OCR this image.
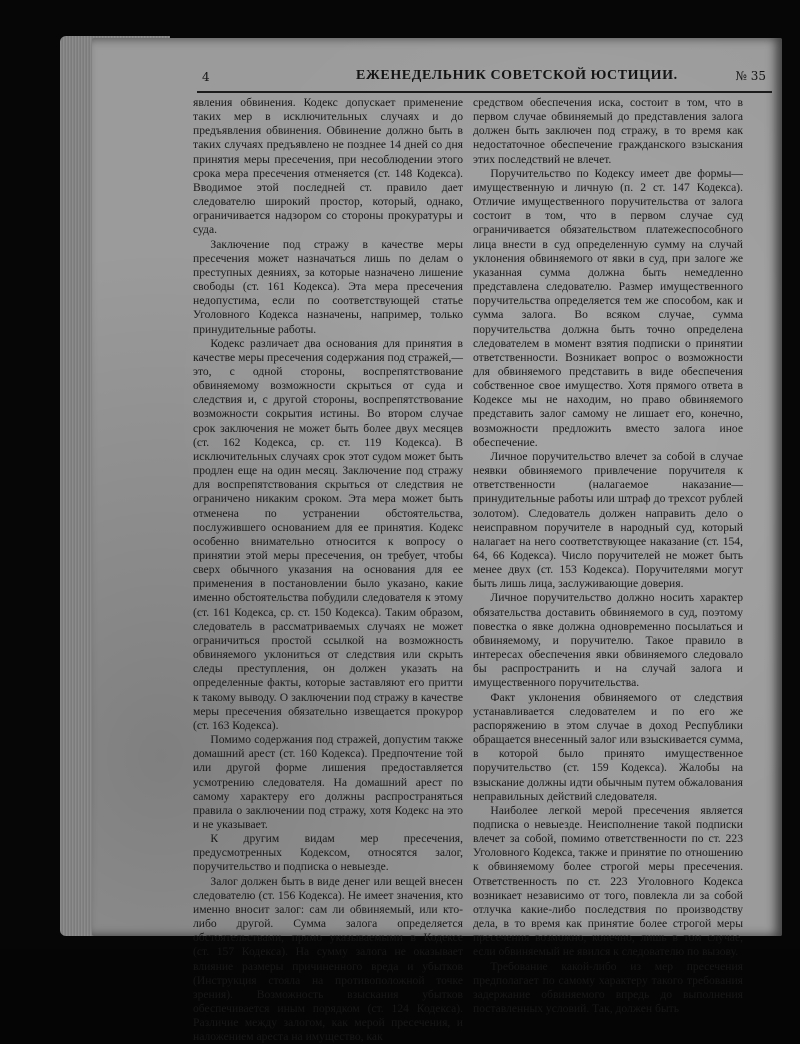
4	ЕЖЕНЕДЕЛЬНИК СОВЕТСКОЙ ЮСТИЦИИ.	№ 35

явления обвинения. Кодекс допускает применение таких мер в исключительных случаях и до предъявления обвинения. Обвинение должно быть в таких случаях предъявлено не позднее 14 дней со дня принятия меры пресечения, при несоблюдении этого срока мера пресечения отменяется (ст. 148 Кодекса). Вводимое этой последней ст. правило дает следователю широкий простор, который, однако, ограничивается надзором со стороны прокуратуры и суда.

Заключение под стражу в качестве меры пресечения может назначаться лишь по делам о преступных деяниях, за которые назначено лишение свободы (ст. 161 Кодекса). Эта мера пресечения недопустима, если по соответствующей статье Уголовного Кодекса назначены, например, только принудительные работы.

Кодекс различает два основания для принятия в качестве меры пресечения содержания под стражей,—это, с одной стороны, воспрепятствование обвиняемому возможности скрыться от суда и следствия и, с другой стороны, воспрепятствование возможности сокрытия истины. Во втором случае срок заключения не может быть более двух месяцев (ст. 162 Кодекса, ср. ст. 119 Кодекса). В исключительных случаях срок этот судом может быть продлен еще на один месяц. Заключение под стражу для воспрепятствования скрыться от следствия не ограничено никаким сроком. Эта мера может быть отменена по устранении обстоятельства, послужившего основанием для ее принятия. Кодекс особенно внимательно относится к вопросу о принятии этой меры пресечения, он требует, чтобы сверх обычного указания на основания для ее применения в постановлении было указано, какие именно обстоятельства побудили следователя к этому (ст. 161 Кодекса, ср. ст. 150 Кодекса). Таким образом, следователь в рассматриваемых случаях не может ограничиться простой ссылкой на возможность обвиняемого уклониться от следствия или скрыть следы преступления, он должен указать на определенные факты, которые заставляют его притти к такому выводу. О заключении под стражу в качестве меры пресечения обязательно извещается прокурор (ст. 163 Кодекса).

Помимо содержания под стражей, допустим также домашний арест (ст. 160 Кодекса). Предпочтение той или другой форме лишения предоставляется усмотрению следователя. На домашний арест по самому характеру его должны распространяться правила о заключении под стражу, хотя Кодекс на это и не указывает.

К другим видам мер пресечения, предусмотренных Кодексом, относятся залог, поручительство и подписка о невыезде.

Залог должен быть в виде денег или вещей внесен следователю (ст. 156 Кодекса). Не имеет значения, кто именно вносит залог: сам ли обвиняемый, или кто-либо другой. Сумма залога определяется обстоятельствами, прямо указываемыми в Кодексе (ст. 157 Кодекса). На сумму залога не оказывает влияние размеры причиненного вреда и убытков (Инструкция стояла на противоположной точке зрения). Возможность взыскания убытков обеспечивается иным порядком (ст. 124 Кодекса). Различие между залогом, как мерой пресечения, и наложением ареста на имущество, как

средством обеспечения иска, состоит в том, что в первом случае обвиняемый до представления залога должен быть заключен под стражу, в то время как недостаточное обеспечение гражданского взыскания этих последствий не влечет.

Поручительство по Кодексу имеет две формы—имущественную и личную (п. 2 ст. 147 Кодекса). Отличие имущественного поручительства от залога состоит в том, что в первом случае суд ограничивается обязательством платежеспособного лица внести в суд определенную сумму на случай уклонения обвиняемого от явки в суд, при залоге же указанная сумма должна быть немедленно представлена следователю. Размер имущественного поручительства определяется тем же способом, как и сумма залога. Во всяком случае, сумма поручительства должна быть точно определена следователем в момент взятия подписки о принятии ответственности. Возникает вопрос о возможности для обвиняемого представить в виде обеспечения собственное свое имущество. Хотя прямого ответа в Кодексе мы не находим, но право обвиняемого представить залог самому не лишает его, конечно, возможности предложить вместо залога иное обеспечение.

Личное поручительство влечет за собой в случае неявки обвиняемого привлечение поручителя к ответственности (налагаемое наказание—принудительные работы или штраф до трехсот рублей золотом). Следователь должен направить дело о неисправном поручителе в народный суд, который налагает на него соответствующее наказание (ст. 154, 64, 66 Кодекса). Число поручителей не может быть менее двух (ст. 153 Кодекса). Поручителями могут быть лишь лица, заслуживающие доверия.

Личное поручительство должно носить характер обязательства доставить обвиняемого в суд, поэтому повестка о явке должна одновременно посылаться и обвиняемому, и поручителю. Такое правило в интересах обеспечения явки обвиняемого следовало бы распространить и на случай залога и имущественного поручительства.

Факт уклонения обвиняемого от следствия устанавливается следователем и по его же распоряжению в этом случае в доход Республики обращается внесенный залог или взыскивается сумма, в которой было принято имущественное поручительство (ст. 159 Кодекса). Жалобы на взыскание должны идти обычным путем обжалования неправильных действий следователя.

Наиболее легкой мерой пресечения является подписка о невыезде. Неисполнение такой подписки влечет за собой, помимо ответственности по ст. 223 Уголовного Кодекса, также и принятие по отношению к обвиняемому более строгой меры пресечения. Ответственность по ст. 223 Уголовного Кодекса возникает независимо от того, повлекла ли за собой отлучка какие-либо последствия по производству дела, в то время как принятие более строгой меры пресечения возможно, конечно, лишь в том случае, если обвиняемый не явился к следователю по вызову.

Требование какой-либо из мер пресечения предполагает по самому характеру такого требования задержание обвиняемого впредь до выполнения поставленных условий. Так, должен быть
